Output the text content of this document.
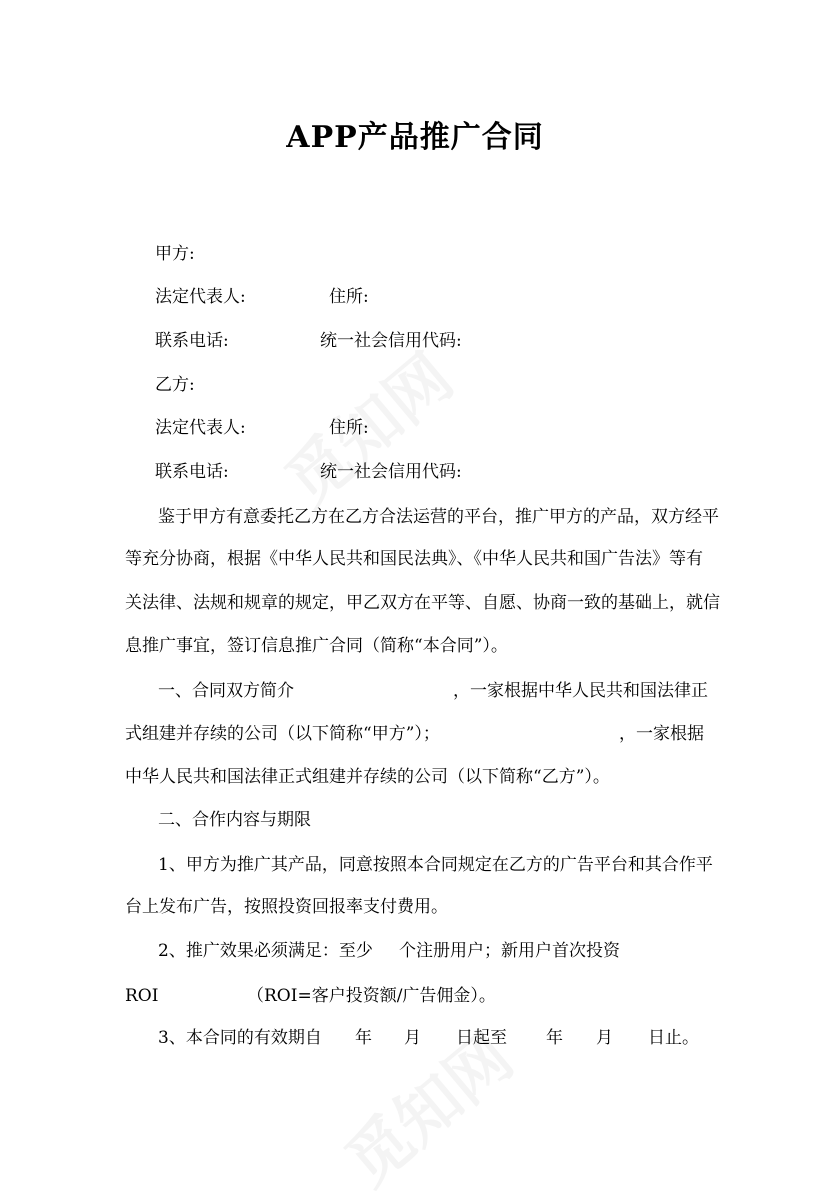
APP产品推广合同
甲方:
法定代表人:	住所:
联系电话:	统一社会信用代码:
乙方:
法定代表人:	住所:
联系电话:	统一社会信用代码:
鉴于甲方有意委托乙方在乙方合法运营的平台，推广甲方的产品，双方经平
等充分协商，根据《中华人民共和国民法典》、《中华人民共和国广告法》等有
关法律、法规和规章的规定，甲乙双方在平等、自愿、协商一致的基础上，就信
息推广事宜，签订信息推广合同（简称“本合同”）。
一、合同双方简介	，一家根据中华人民共和国法律正
式组建并存续的公司（以下简称“甲方”）；	，一家根据
中华人民共和国法律正式组建并存续的公司（以下简称“乙方”）。
二、合作内容与期限
1、甲方为推广其产品，同意按照本合同规定在乙方的广告平台和其合作平
台上发布广告，按照投资回报率支付费用。
2、推广效果必须满足：至少 个注册用户；新用户首次投资
ROI	（ROI=客户投资额/广告佣金）。
3、本合同的有效期自 年 月 日起至 年 月 日止。
